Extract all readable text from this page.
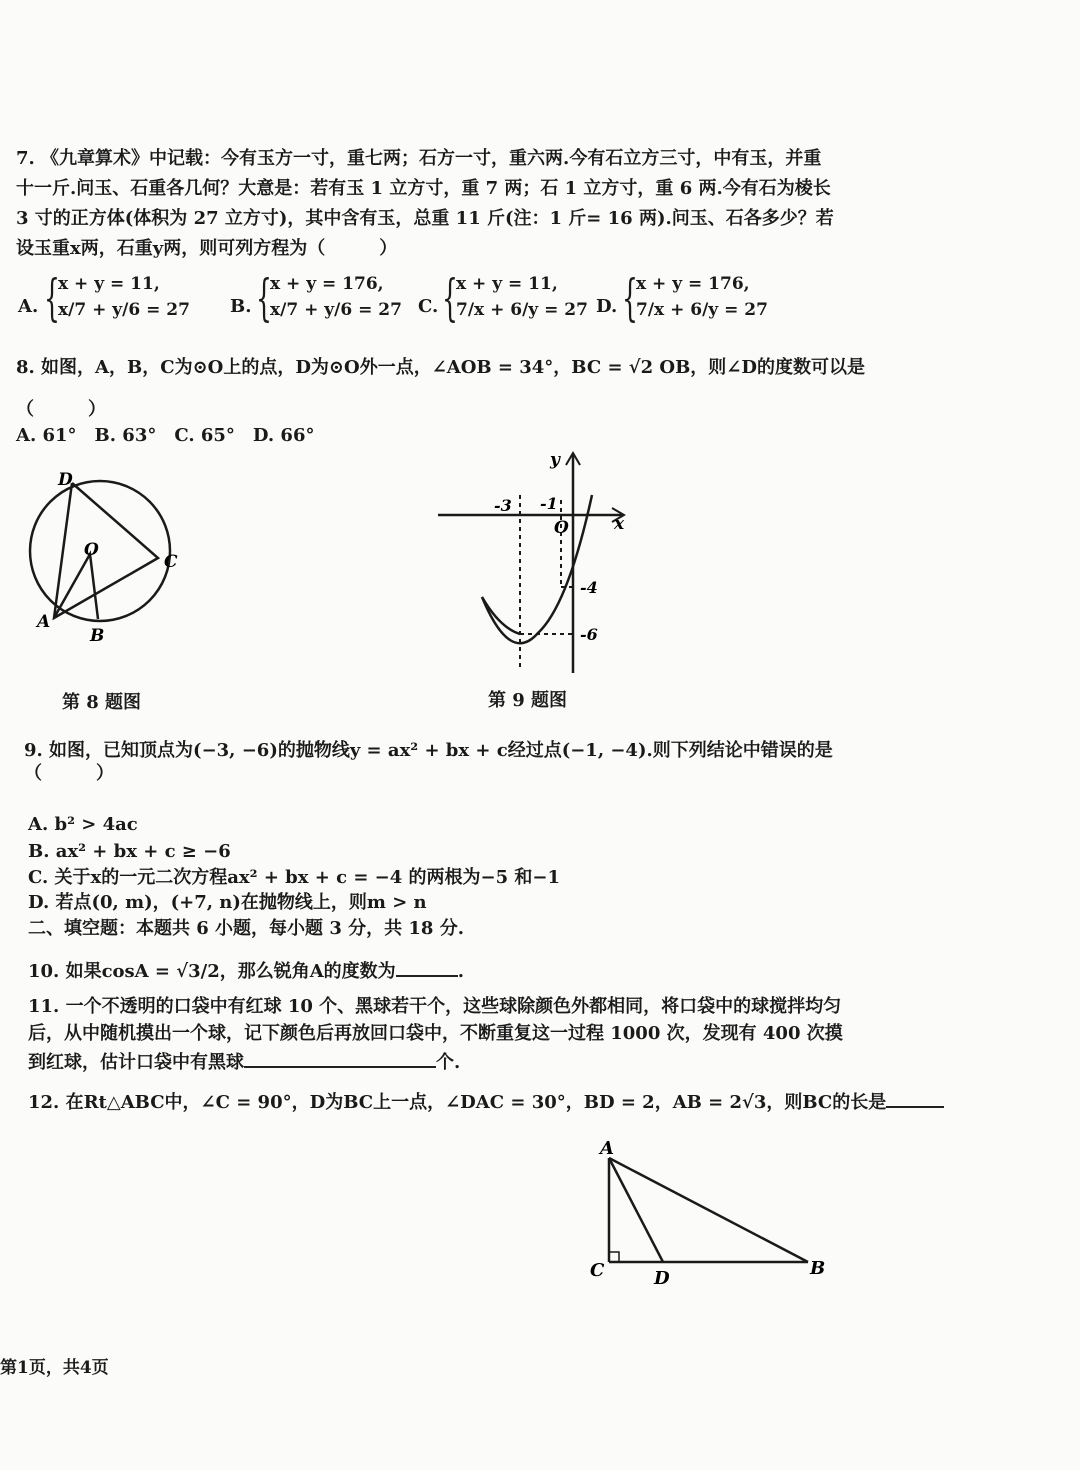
7. 《九章算术》中记载：今有玉方一寸，重七两；石方一寸，重六两.今有石立方三寸，中有玉，并重
十一斤.问玉、石重各几何？大意是：若有玉 1 立方寸，重 7 两；石 1 立方寸，重 6 两.今有石为棱长
3 寸的正方体(体积为 27 立方寸)，其中含有玉，总重 11 斤(注：1 斤= 16 两).问玉、石各多少？若
设玉重x两，石重y两，则可列方程为（　　　）
A. {
x + y = 11,
x/7 + y/6 = 27 B. {
x + y = 176,
x/7 + y/6 = 27 C. {
x + y = 11,
7/x + 6/y = 27 D. {
x + y = 176,
7/x + 6/y = 27
8. 如图，A，B，C为⊙O上的点，D为⊙O外一点，∠AOB = 34°，BC = √2 OB，则∠D的度数可以是
（　　　）
A. 61°　B. 63°　C. 65°　D. 66°
D
O
C
A
B
第 8 题图
y
x
O
-3 -1
-4
-6
第 9 题图
9. 如图，已知顶点为(−3, −6)的抛物线y = ax² + bx + c经过点(−1, −4).则下列结论中错误的是
（　　　）
A. b² > 4ac
B. ax² + bx + c ≥ −6
C. 关于x的一元二次方程ax² + bx + c = −4 的两根为−5 和−1
D. 若点(0, m)，(+7, n)在抛物线上，则m > n
二、填空题：本题共 6 小题，每小题 3 分，共 18 分.
10. 如果cosA = √3/2，那么锐角A的度数为	.
11. 一个不透明的口袋中有红球 10 个、黑球若干个，这些球除颜色外都相同，将口袋中的球搅拌均匀
后，从中随机摸出一个球，记下颜色后再放回口袋中，不断重复这一过程 1000 次，发现有 400 次摸
到红球，估计口袋中有黑球	个.
12. 在Rt△ABC中，∠C = 90°，D为BC上一点，∠DAC = 30°，BD = 2，AB = 2√3，则BC的长是
A
C	D	B
第1页，共4页
